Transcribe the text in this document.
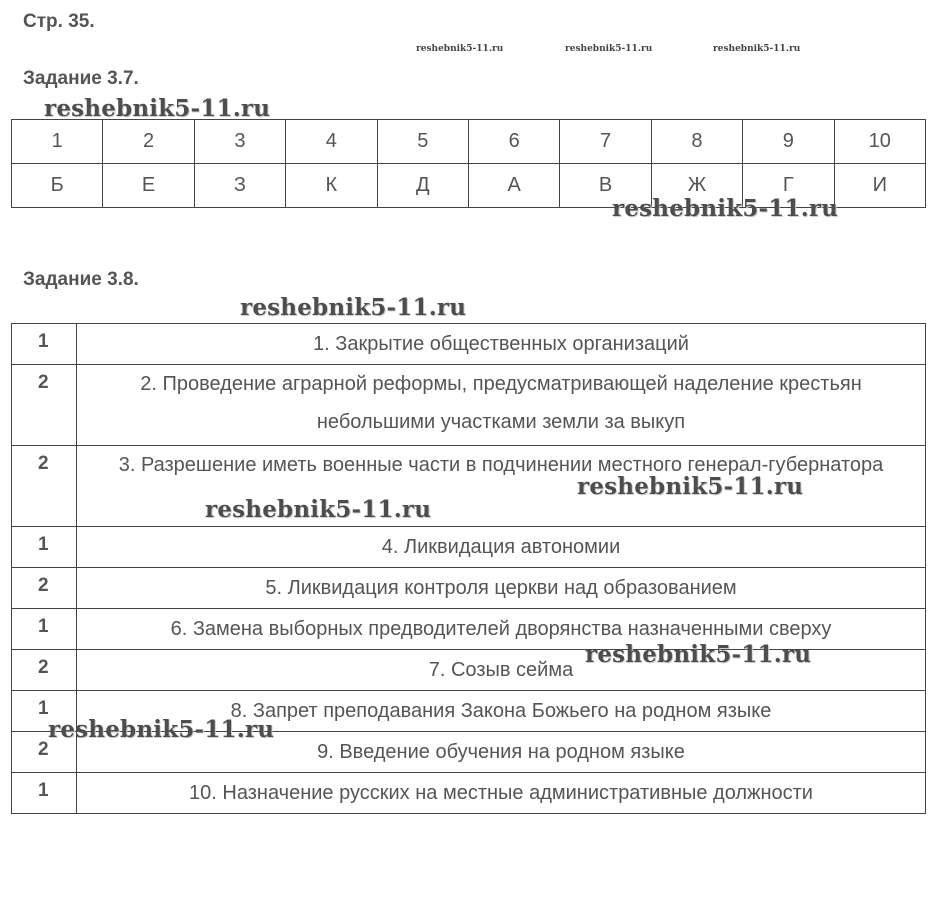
Стр. 35.
reshebnik5-11.ru	reshebnik5-11.ru	reshebnik5-11.ru
Задание 3.7.
reshebnik5-11.ru
1	2	3	4	5	6	7	8	9	10
Б	Е	З	К	Д	А	В	Ж	Г	И
Задание 3.8.
1	1. Закрытие общественных организаций
2	2. Проведение аграрной реформы, предусматривающей наделение крестьян небольшими участками земли за выкуп
2	3. Разрешение иметь военные части в подчинении местного генерал-губернатора
1	4. Ликвидация автономии
2	5. Ликвидация контроля церкви над образованием
1	6. Замена выборных предводителей дворянства назначенными сверху
2	7. Созыв сейма
1	8. Запрет преподавания Закона Божьего на родном языке
2	9. Введение обучения на родном языке
1	10. Назначение русских на местные административные должности
reshebnik5-11.ru
reshebnik5-11.ru
reshebnik5-11.ru
reshebnik5-11.ru
reshebnik5-11.ru
reshebnik5-11.ru
